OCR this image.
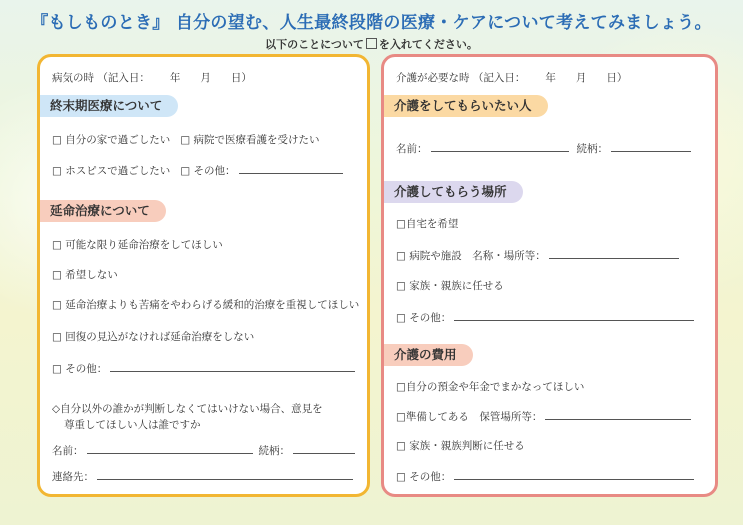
『もしものとき』 自分の望む、人生最終段階の医療・ケアについて考えてみましょう。
以下のことについて を入れてください。
病気の時 （記入日： 年 月 日）
終末期医療について
□ 自分の家で過ごしたい □ 病院で医療看護を受けたい
□ ホスピスで過ごしたい □ その他：
延命治療について
□ 可能な限り延命治療をしてほしい
□ 希望しない
□ 延命治療よりも苦痛をやわらげる緩和的治療を重視してほしい
□ 回復の見込がなければ延命治療をしない
□ その他：
◇自分以外の誰かが判断しなくてはいけない場合、意見を
尊重してほしい人は誰ですか
名前：	続柄：
連絡先：
介護が必要な時 （記入日： 年 月 日）
介護をしてもらいたい人
名前：	続柄：
介護してもらう場所
□自宅を希望
□ 病院や施設　名称・場所等：
□ 家族・親族に任せる
□ その他：
介護の費用
□自分の預金や年金でまかなってほしい
□準備してある　保管場所等：
□ 家族・親族判断に任せる
□ その他：
